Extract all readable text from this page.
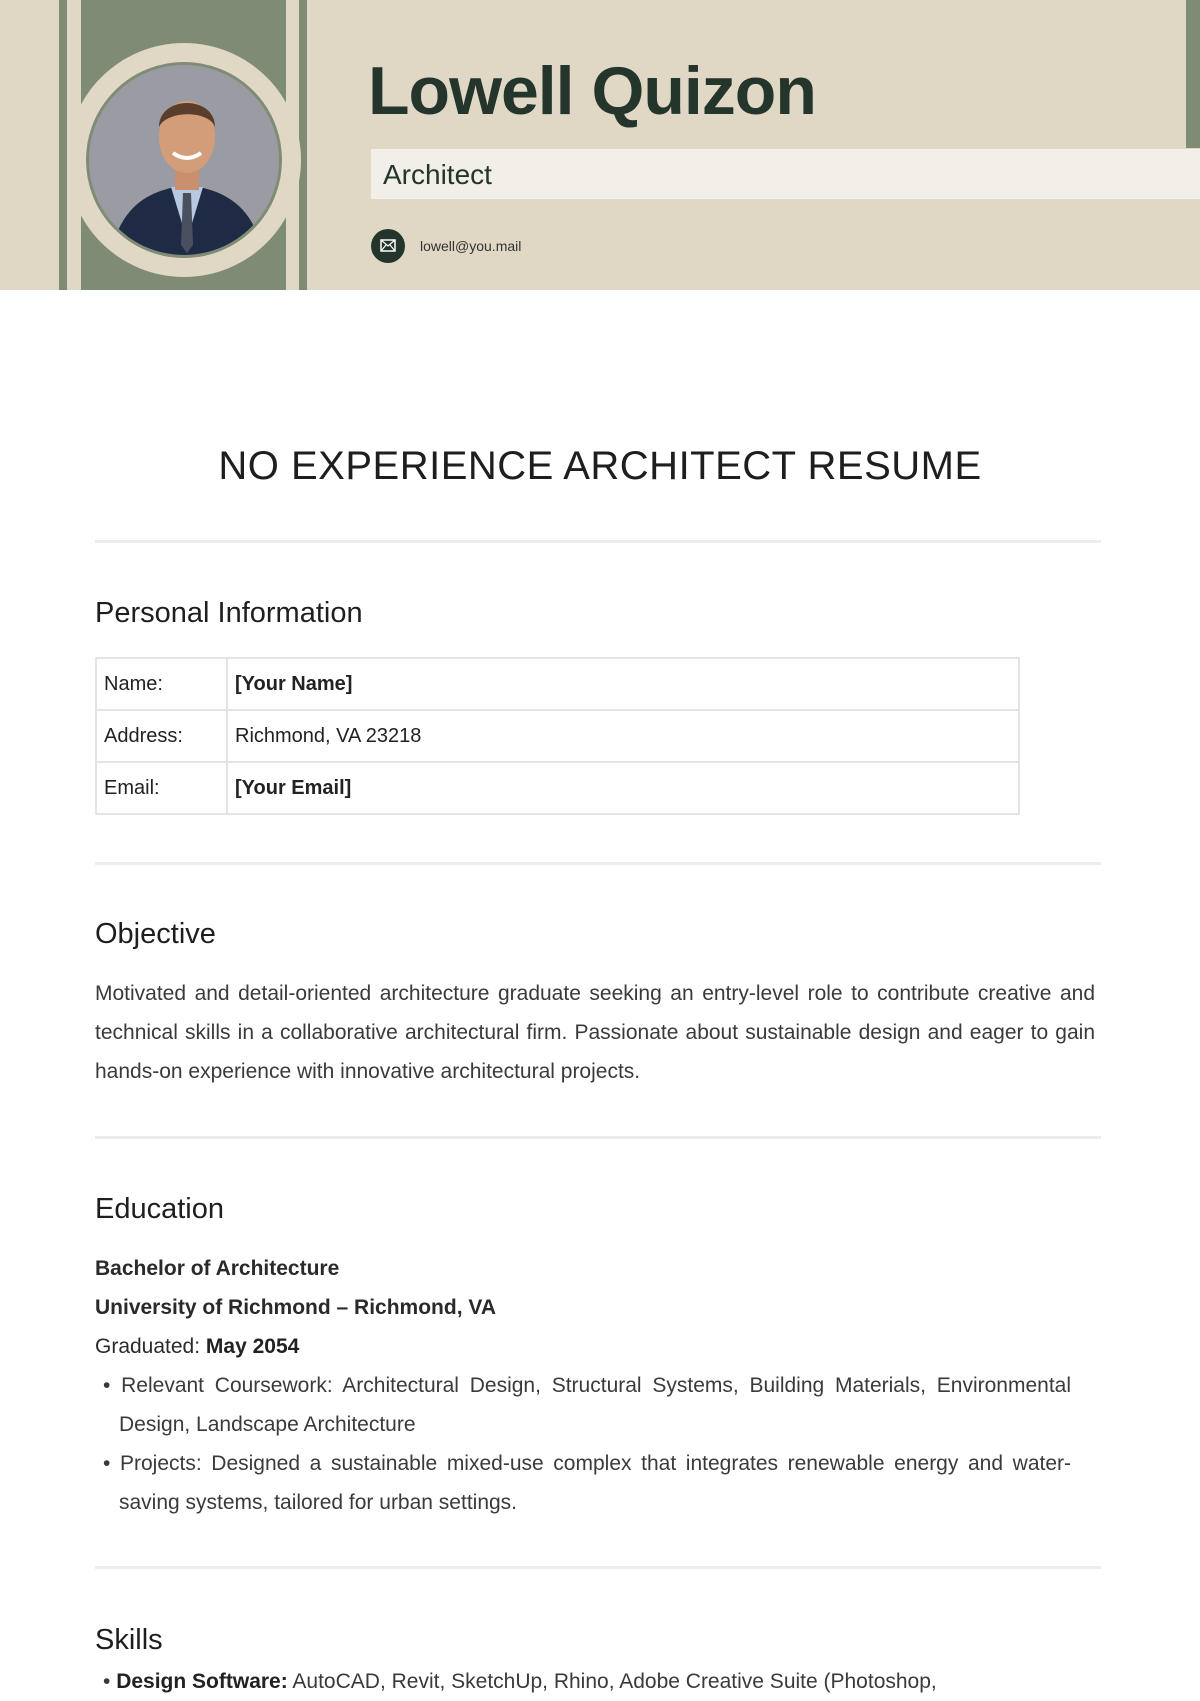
Lowell Quizon
Architect
lowell@you.mail
NO EXPERIENCE ARCHITECT RESUME
Personal Information
Name:	[Your Name]
Address:	Richmond, VA 23218
Email:	[Your Email]
Objective
Motivated and detail-oriented architecture graduate seeking an entry-level role to contribute creative and technical skills in a collaborative architectural firm. Passionate about sustainable design and eager to gain hands-on experience with innovative architectural projects.
Education
Bachelor of Architecture
University of Richmond – Richmond, VA
Graduated: May 2054
• Relevant Coursework: Architectural Design, Structural Systems, Building Materials, Environmental Design, Landscape Architecture
• Projects: Designed a sustainable mixed-use complex that integrates renewable energy and water-saving systems, tailored for urban settings.
Skills
• Design Software: AutoCAD, Revit, SketchUp, Rhino, Adobe Creative Suite (Photoshop,
